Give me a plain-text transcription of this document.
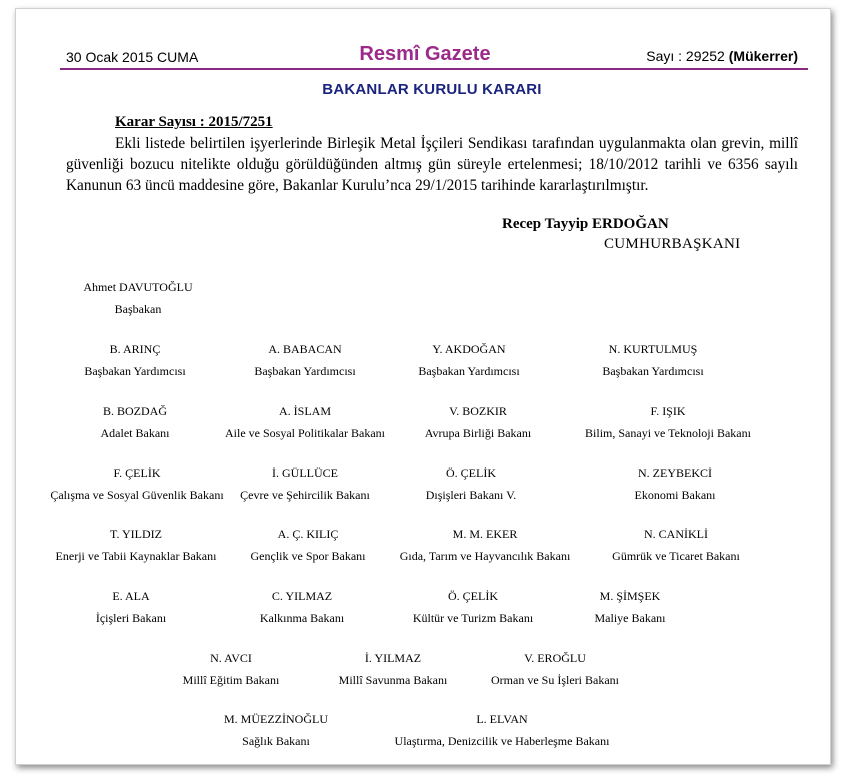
30 Ocak 2015 CUMA	Resmî Gazete	Sayı : 29252 (Mükerrer)
BAKANLAR KURULU KARARI
Karar Sayısı : 2015/7251
Ekli listede belirtilen işyerlerinde Birleşik Metal İşçileri Sendikası tarafından uygulanmakta olan grevin, millî güvenliği bozucu nitelikte olduğu görüldüğünden altmış gün süreyle ertelenmesi; 18/10/2012 tarihli ve 6356 sayılı Kanunun 63 üncü maddesine göre, Bakanlar Kurulu’nca 29/1/2015 tarihinde kararlaştırılmıştır.
Recep Tayyip ERDOĞAN
CUMHURBAŞKANI
Ahmet DAVUTOĞLU
Başbakan
B. ARINÇ
Başbakan Yardımcısı
A. BABACAN
Başbakan Yardımcısı
Y. AKDOĞAN
Başbakan Yardımcısı
N. KURTULMUŞ
Başbakan Yardımcısı
B. BOZDAĞ
Adalet Bakanı
A. İSLAM
Aile ve Sosyal Politikalar Bakanı
V. BOZKIR
Avrupa Birliği Bakanı
F. IŞIK
Bilim, Sanayi ve Teknoloji Bakanı
F. ÇELİK
Çalışma ve Sosyal Güvenlik Bakanı
İ. GÜLLÜCE
Çevre ve Şehircilik Bakanı
Ö. ÇELİK
Dışişleri Bakanı V.
N. ZEYBEKCİ
Ekonomi Bakanı
T. YILDIZ
Enerji ve Tabii Kaynaklar Bakanı
A. Ç. KILIÇ
Gençlik ve Spor Bakanı
M. M. EKER
Gıda, Tarım ve Hayvancılık Bakanı
N. CANİKLİ
Gümrük ve Ticaret Bakanı
E. ALA
İçişleri Bakanı
C. YILMAZ
Kalkınma Bakanı
Ö. ÇELİK
Kültür ve Turizm Bakanı
M. ŞİMŞEK
Maliye Bakanı
N. AVCI
Millî Eğitim Bakanı
İ. YILMAZ
Millî Savunma Bakanı
V. EROĞLU
Orman ve Su İşleri Bakanı
M. MÜEZZİNOĞLU
Sağlık Bakanı
L. ELVAN
Ulaştırma, Denizcilik ve Haberleşme Bakanı
